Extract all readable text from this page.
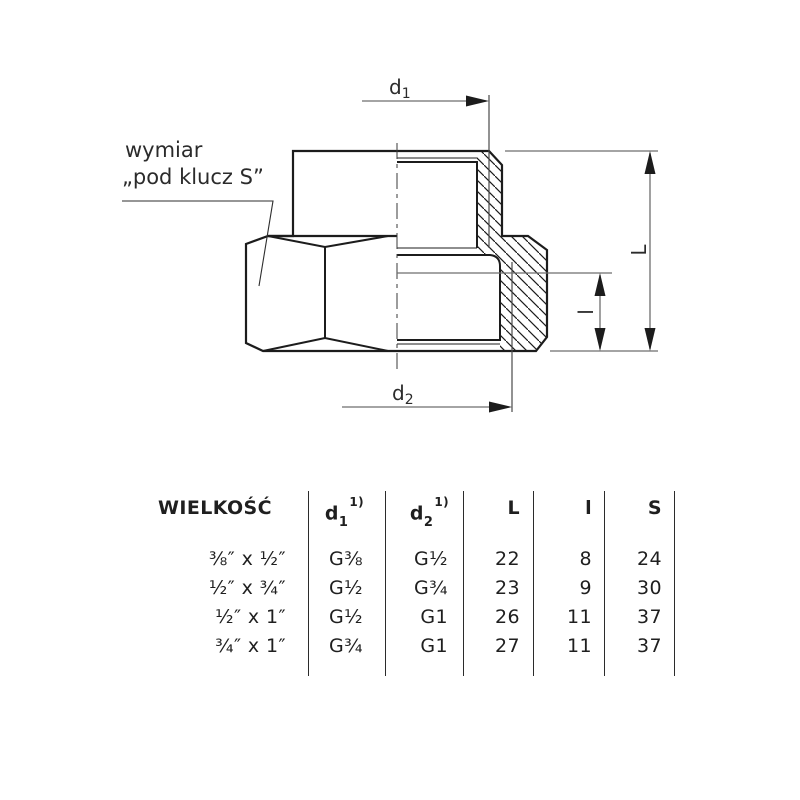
wymiar
„pod klucz S”
$d_1$
$d_2$
L
l
WIELKOŚĆ
⅜″ x ½″
½″ x ¾″
½″ x 1″
¾″ x 1″
$d_1^{1)}$
G⅜
G½
G½
G¾
$d_2^{1)}$
G½
G¾
G1
G1
L
22
23
26
27
l
8
9
11
11
S
24
30
37
37
